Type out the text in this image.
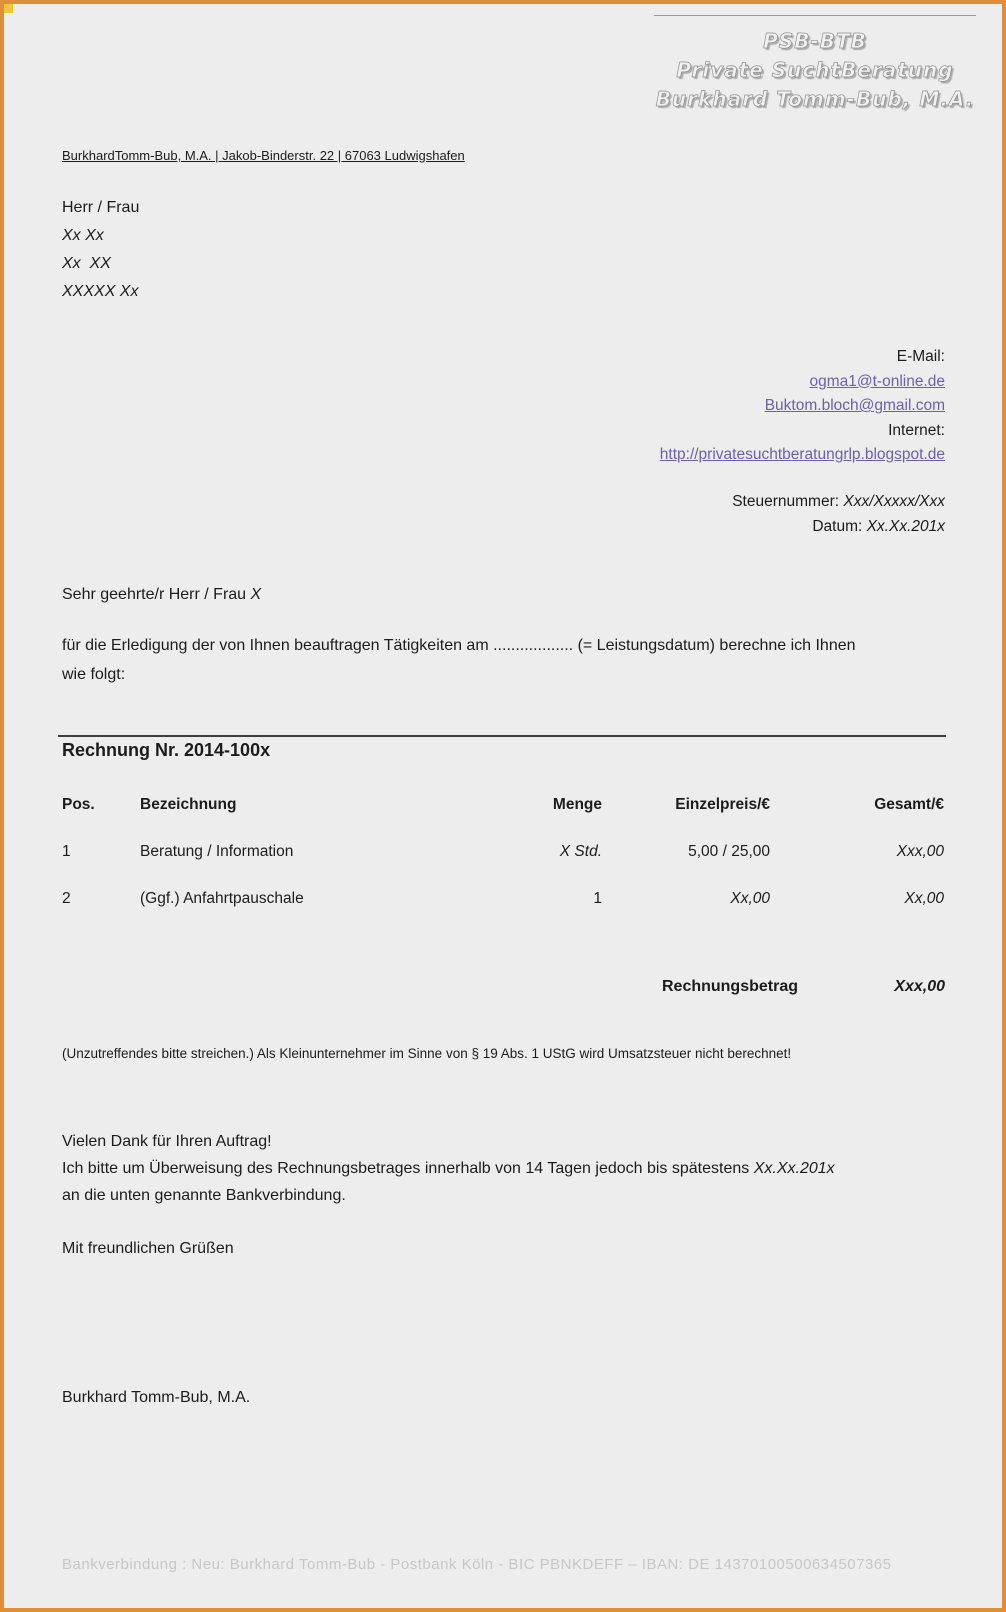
PSB-BTB
Private SuchtBeratung
Burkhard Tomm-Bub, M.A.
BurkhardTomm-Bub, M.A. | Jakob-Binderstr. 22 | 67063 Ludwigshafen
Herr / Frau
Xx Xx
Xx  XX
XXXXX Xx
E-Mail:
ogma1@t-online.de
Buktom.bloch@gmail.com
Internet:
http://privatesuchtberatungrlp.blogspot.de
Steuernummer: Xxx/Xxxxx/Xxx
Datum: Xx.Xx.201x
Sehr geehrte/r Herr / Frau X
für die Erledigung der von Ihnen beauftragen Tätigkeiten am .................. (= Leistungsdatum) berechne ich Ihnen
wie folgt:
Rechnung Nr. 2014-100x
Pos.	Bezeichnung	Menge	Einzelpreis/€	Gesamt/€
1	Beratung / Information	X Std.	5,00 / 25,00	Xxx,00
2	(Ggf.) Anfahrtpauschale	1	Xx,00	Xx,00
Rechnungsbetrag	Xxx,00
(Unzutreffendes bitte streichen.) Als Kleinunternehmer im Sinne von § 19 Abs. 1 UStG wird Umsatzsteuer nicht berechnet!
Vielen Dank für Ihren Auftrag!
Ich bitte um Überweisung des Rechnungsbetrages innerhalb von 14 Tagen jedoch bis spätestens Xx.Xx.201x
an die unten genannte Bankverbindung.
Mit freundlichen Grüßen
Burkhard Tomm-Bub, M.A.
Bankverbindung : Neu: Burkhard Tomm-Bub - Postbank Köln - BIC PBNKDEFF – IBAN: DE 14370100500634507365
